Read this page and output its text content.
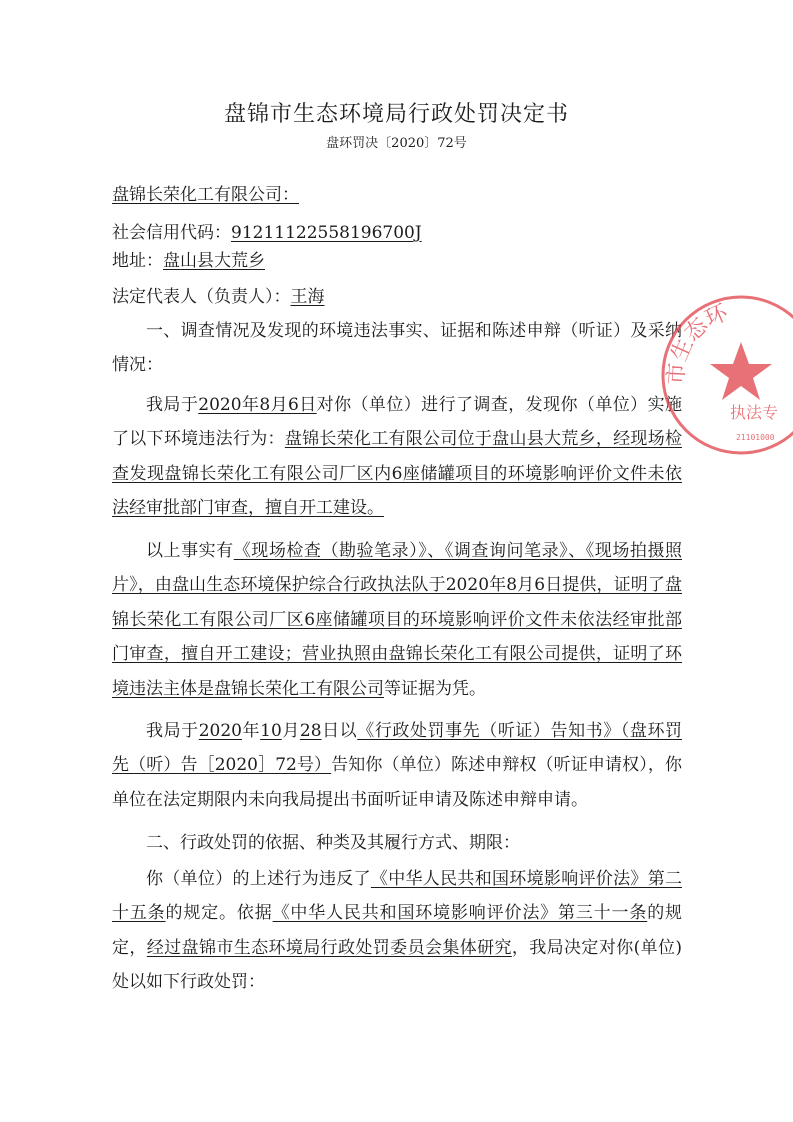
盘锦市生态环境局行政处罚决定书
盘环罚决〔2020〕72号
盘锦长荣化工有限公司：
社会信用代码：91211122558196700J
地址：盘山县大荒乡
法定代表人（负责人）：王海

一、调查情况及发现的环境违法事实、证据和陈述申辩（听证）及采纳情况：

我局于2020年8月6日对你（单位）进行了调查，发现你（单位）实施了以下环境违法行为：盘锦长荣化工有限公司位于盘山县大荒乡，经现场检查发现盘锦长荣化工有限公司厂区内6座储罐项目的环境影响评价文件未依法经审批部门审查，擅自开工建设。

以上事实有《现场检查（勘验笔录）》、《调查询问笔录》、《现场拍摄照片》，由盘山生态环境保护综合行政执法队于2020年8月6日提供，证明了盘锦长荣化工有限公司厂区6座储罐项目的环境影响评价文件未依法经审批部门审查，擅自开工建设；营业执照由盘锦长荣化工有限公司提供，证明了环境违法主体是盘锦长荣化工有限公司等证据为凭。

我局于2020年10月28日以《行政处罚事先（听证）告知书》（盘环罚先（听）告［2020］72号）告知你（单位）陈述申辩权（听证申请权），你单位在法定期限内未向我局提出书面听证申请及陈述申辩申请。

二、行政处罚的依据、种类及其履行方式、期限：

你（单位）的上述行为违反了《中华人民共和国环境影响评价法》第二十五条的规定。依据《中华人民共和国环境影响评价法》第三十一条的规定，经过盘锦市生态环境局行政处罚委员会集体研究，我局决定对你(单位)处以如下行政处罚：

市生态环
执法专
21101000
